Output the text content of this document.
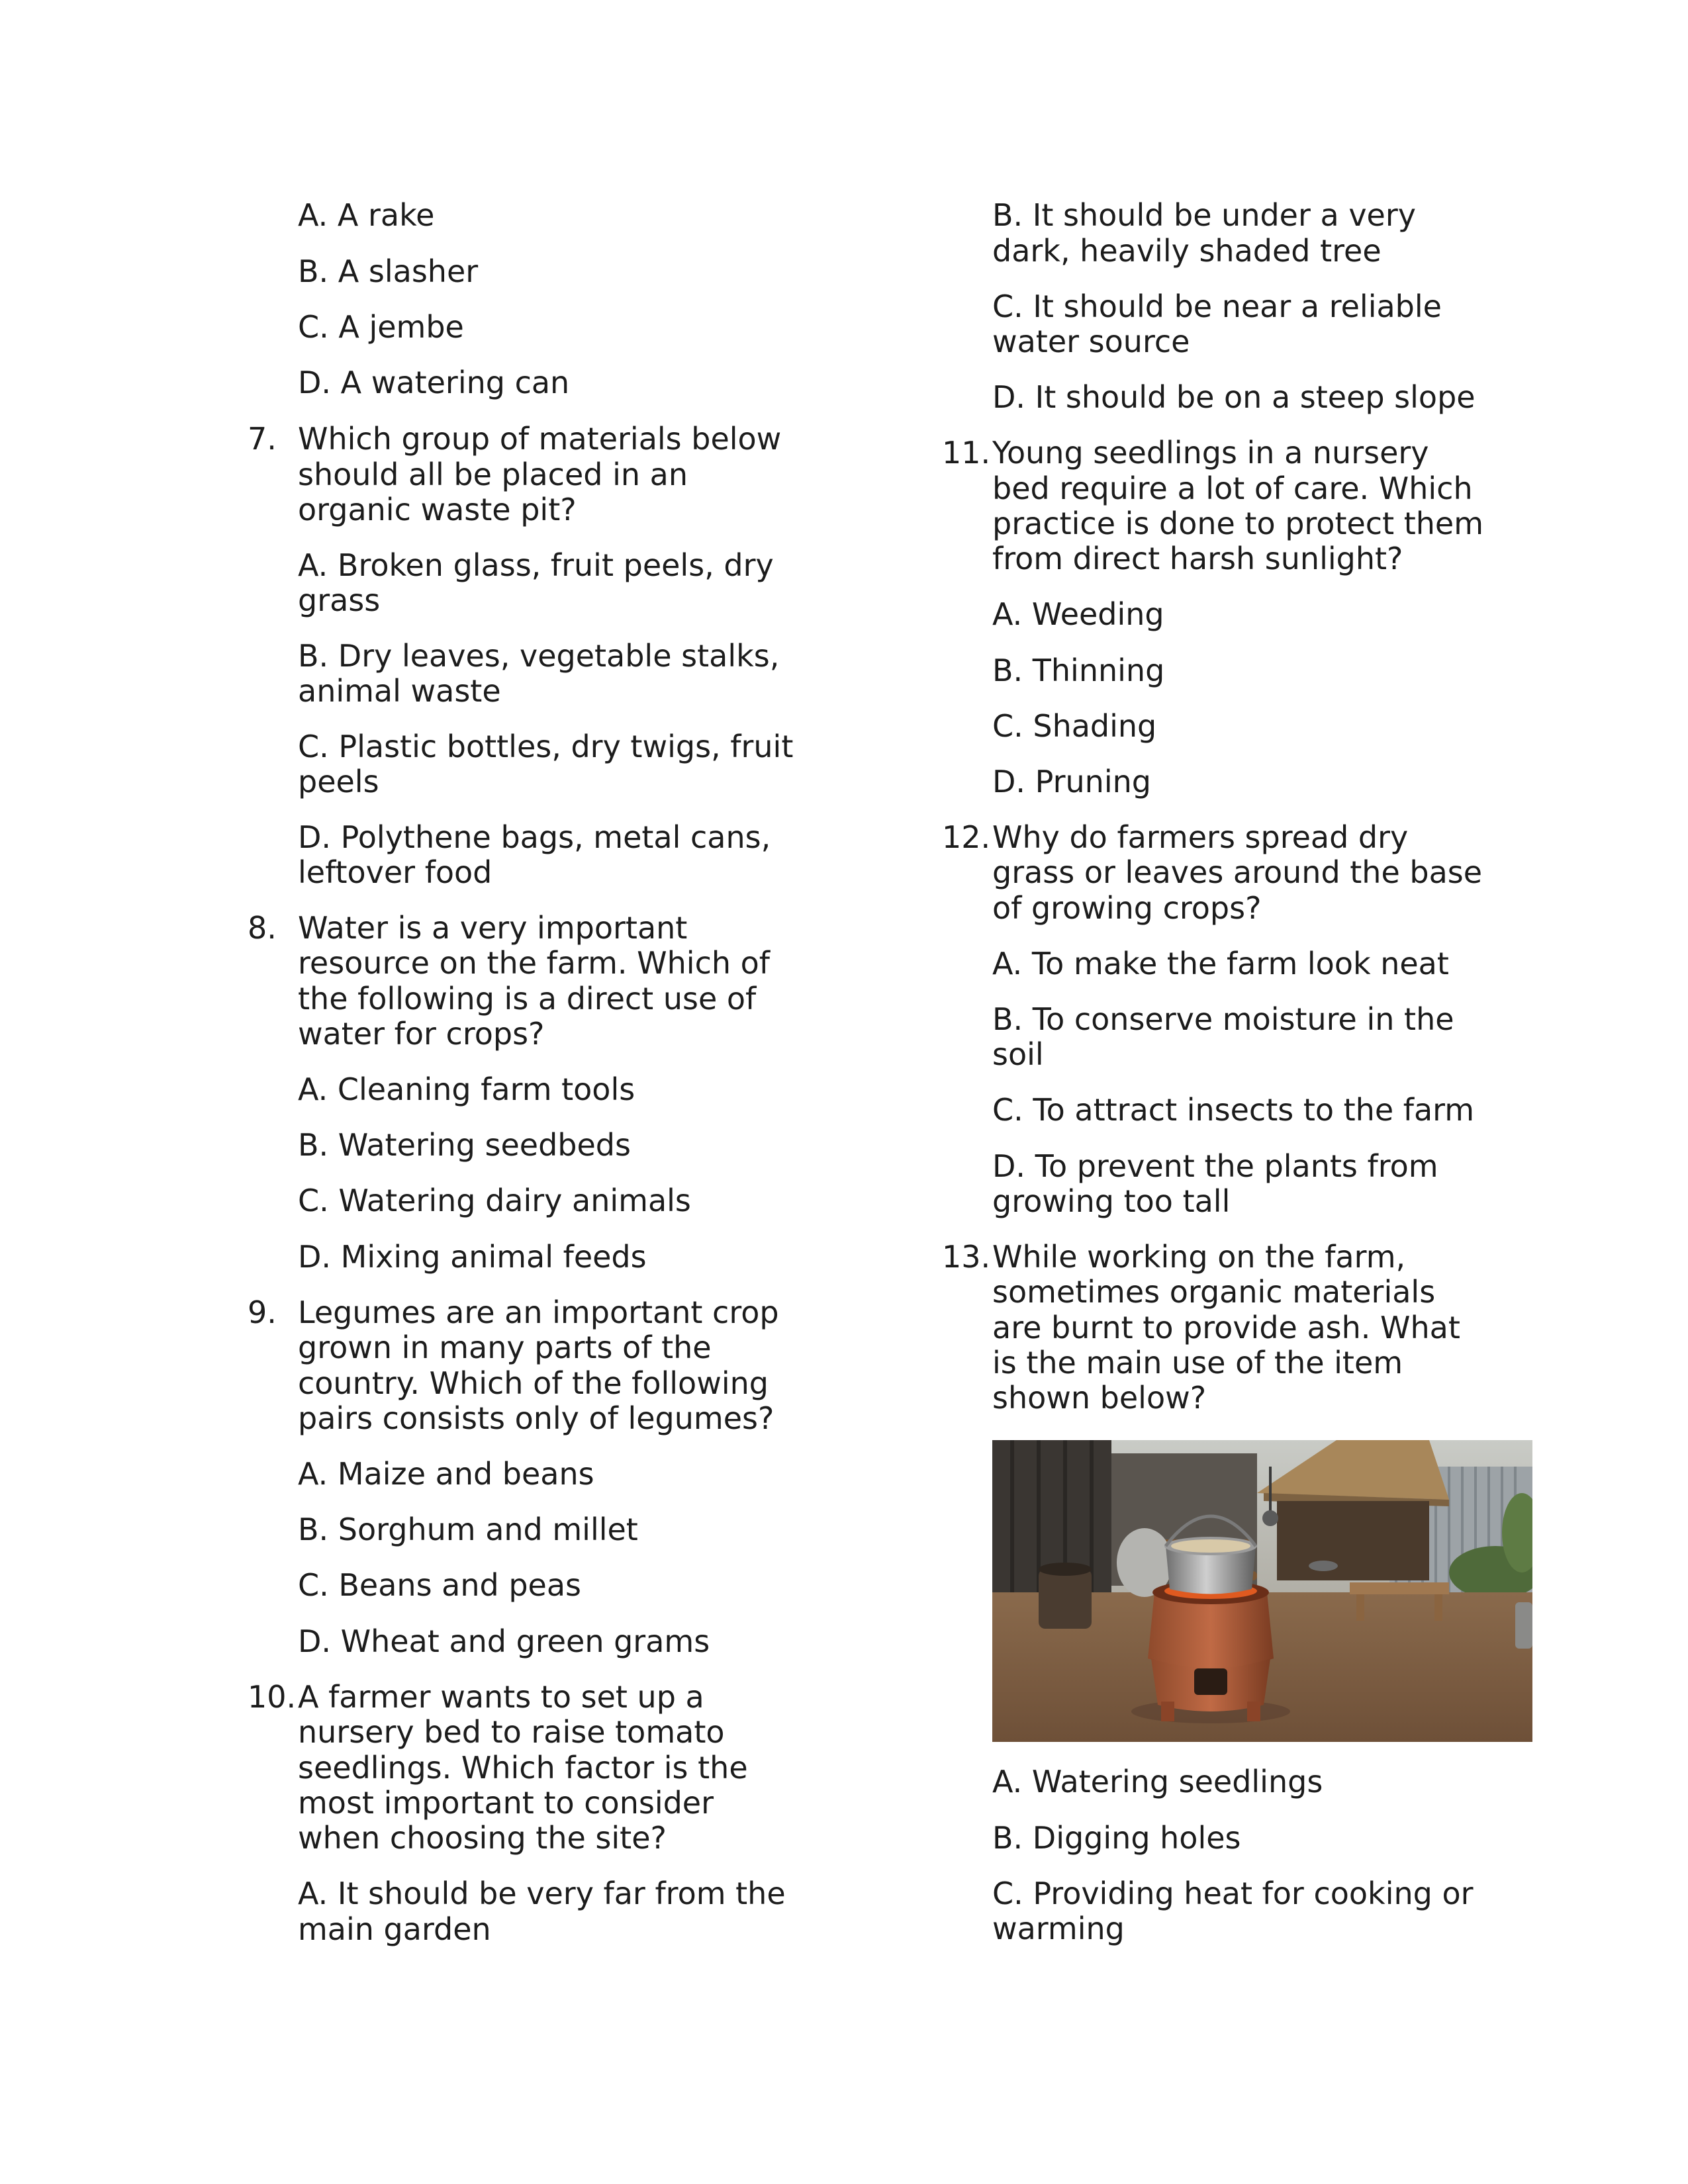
A. A rake
B. A slasher
C. A jembe
D. A watering can
7. Which group of materials below
should all be placed in an
organic waste pit?
A. Broken glass, fruit peels, dry
grass
B. Dry leaves, vegetable stalks,
animal waste
C. Plastic bottles, dry twigs, fruit
peels
D. Polythene bags, metal cans,
leftover food
8. Water is a very important
resource on the farm. Which of
the following is a direct use of
water for crops?
A. Cleaning farm tools
B. Watering seedbeds
C. Watering dairy animals
D. Mixing animal feeds
9. Legumes are an important crop
grown in many parts of the
country. Which of the following
pairs consists only of legumes?
A. Maize and beans
B. Sorghum and millet
C. Beans and peas
D. Wheat and green grams
10. A farmer wants to set up a
nursery bed to raise tomato
seedlings. Which factor is the
most important to consider
when choosing the site?
A. It should be very far from the
main garden
B. It should be under a very
dark, heavily shaded tree
C. It should be near a reliable
water source
D. It should be on a steep slope
11. Young seedlings in a nursery
bed require a lot of care. Which
practice is done to protect them
from direct harsh sunlight?
A. Weeding
B. Thinning
C. Shading
D. Pruning
12. Why do farmers spread dry
grass or leaves around the base
of growing crops?
A. To make the farm look neat
B. To conserve moisture in the
soil
C. To attract insects to the farm
D. To prevent the plants from
growing too tall
13. While working on the farm,
sometimes organic materials
are burnt to provide ash. What
is the main use of the item
shown below?
A. Watering seedlings
B. Digging holes
C. Providing heat for cooking or
warming
